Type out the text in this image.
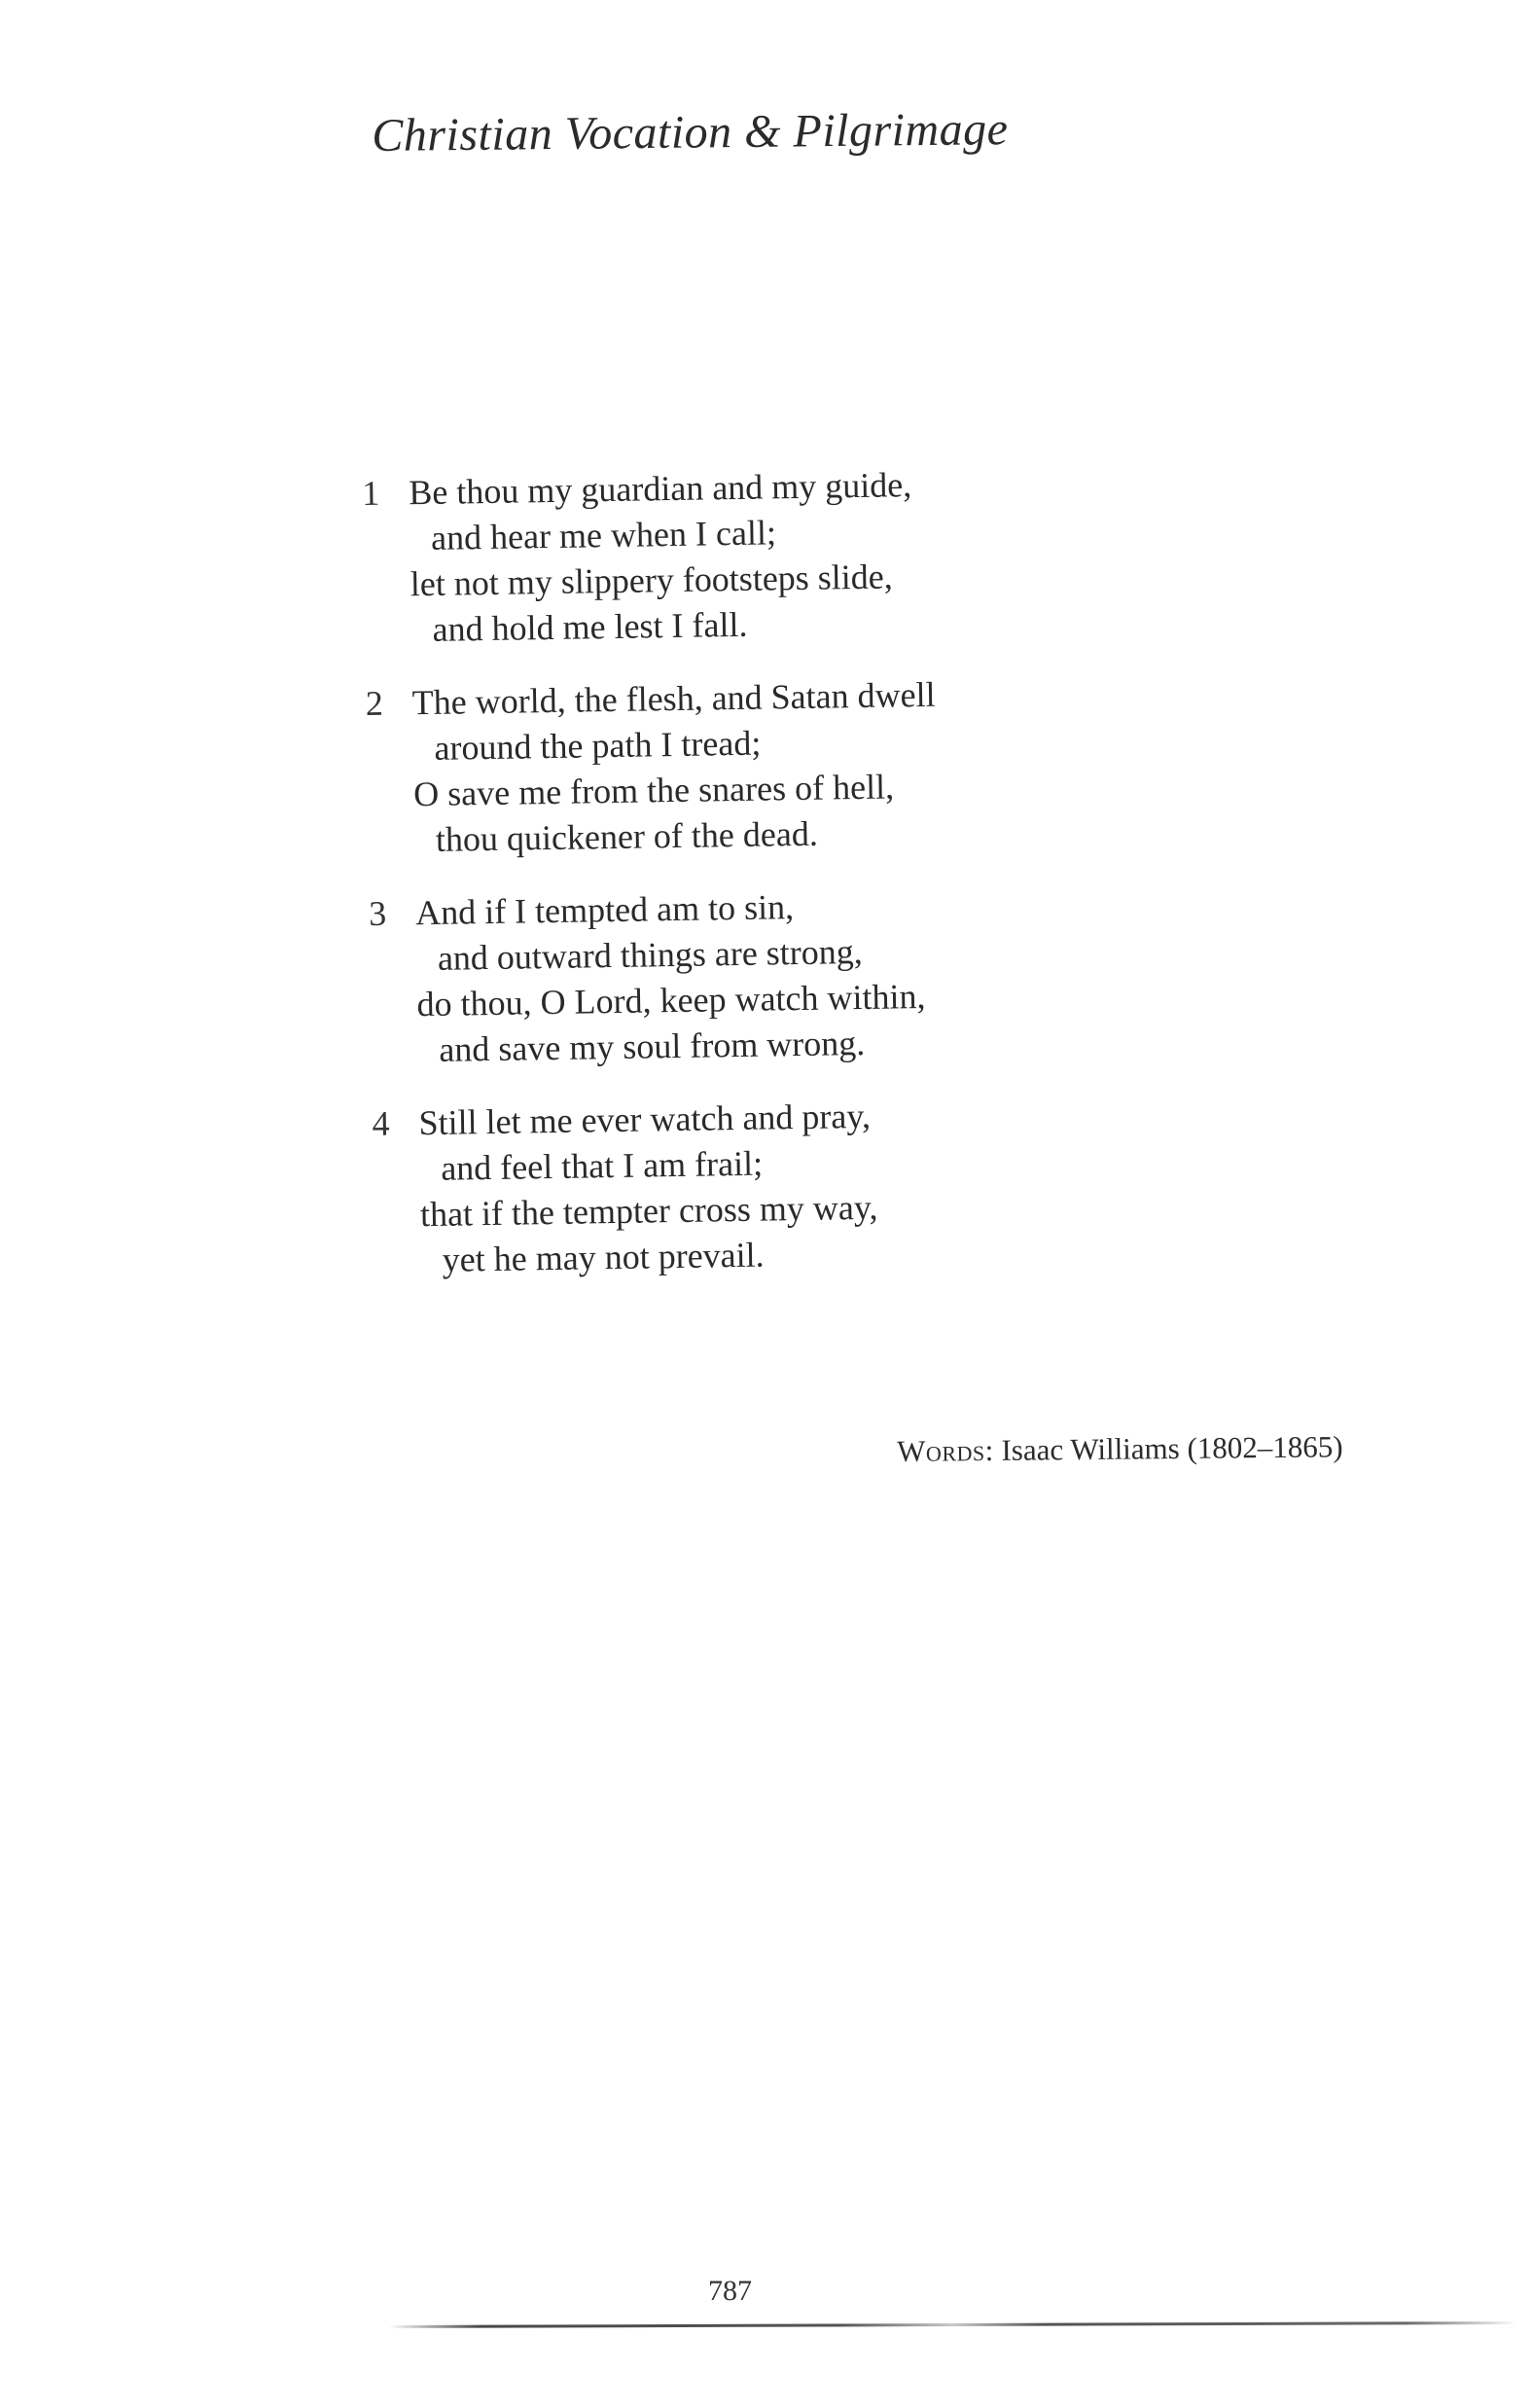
Christian Vocation & Pilgrimage
1 Be thou my guardian and my guide,
and hear me when I call;
let not my slippery footsteps slide,
and hold me lest I fall.
2 The world, the flesh, and Satan dwell
around the path I tread;
O save me from the snares of hell,
thou quickener of the dead.
3 And if I tempted am to sin,
and outward things are strong,
do thou, O Lord, keep watch within,
and save my soul from wrong.
4 Still let me ever watch and pray,
and feel that I am frail;
that if the tempter cross my way,
yet he may not prevail.
Words: Isaac Williams (1802–1865)
787
